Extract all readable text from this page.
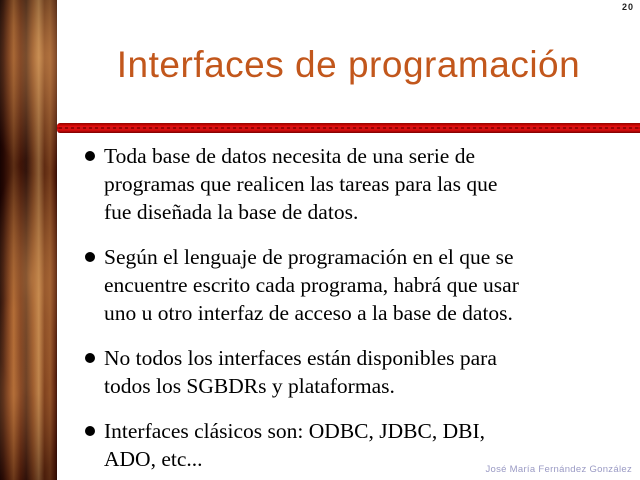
20
Interfaces de programación
Toda base de datos necesita de una serie de
programas que realicen las tareas para las que
fue diseñada la base de datos.
Según el lenguaje de programación en el que se
encuentre escrito cada programa, habrá que usar
uno u otro interfaz de acceso a la base de datos.
No todos los interfaces están disponibles para
todos los SGBDRs y plataformas.
Interfaces clásicos son: ODBC, JDBC, DBI,
ADO, etc...	José María Fernández González
